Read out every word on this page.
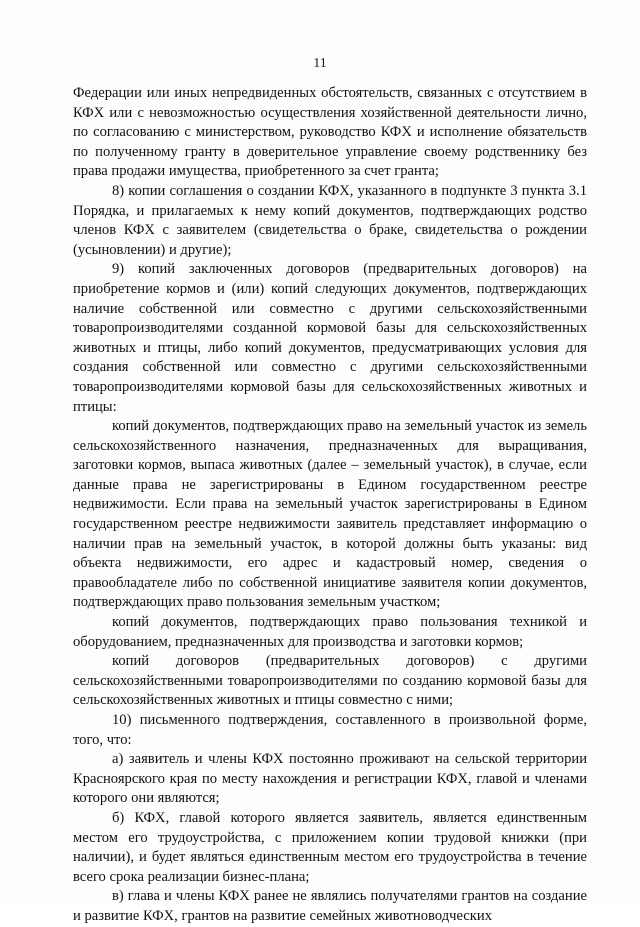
11

Федерации или иных непредвиденных обстоятельств, связанных с отсутствием в КФХ или с невозможностью осуществления хозяйственной деятельности лично, по согласованию с министерством, руководство КФХ и исполнение обязательств по полученному гранту в доверительное управление своему родственнику без права продажи имущества, приобретенного за счет гранта;

8) копии соглашения о создании КФХ, указанного в подпункте 3 пункта 3.1 Порядка, и прилагаемых к нему копий документов, подтверждающих родство членов КФХ с заявителем (свидетельства о браке, свидетельства о рождении (усыновлении) и другие);

9) копий заключенных договоров (предварительных договоров) на приобретение кормов и (или) копий следующих документов, подтверждающих наличие собственной или совместно с другими сельскохозяйственными товаропроизводителями созданной кормовой базы для сельскохозяйственных животных и птицы, либо копий документов, предусматривающих условия для создания собственной или совместно с другими сельскохозяйственными товаропроизводителями кормовой базы для сельскохозяйственных животных и птицы:

копий документов, подтверждающих право на земельный участок из земель сельскохозяйственного назначения, предназначенных для выращивания, заготовки кормов, выпаса животных (далее – земельный участок), в случае, если данные права не зарегистрированы в Едином государственном реестре недвижимости. Если права на земельный участок зарегистрированы в Едином государственном реестре недвижимости заявитель представляет информацию о наличии прав на земельный участок, в которой должны быть указаны: вид объекта недвижимости, его адрес и кадастровый номер, сведения о правообладателе либо по собственной инициативе заявителя копии документов, подтверждающих право пользования земельным участком;

копий документов, подтверждающих право пользования техникой и оборудованием, предназначенных для производства и заготовки кормов;

копий договоров (предварительных договоров) с другими сельскохозяйственными товаропроизводителями по созданию кормовой базы для сельскохозяйственных животных и птицы совместно с ними;

10) письменного подтверждения, составленного в произвольной форме, того, что:

а) заявитель и члены КФХ постоянно проживают на сельской территории Красноярского края по месту нахождения и регистрации КФХ, главой и членами которого они являются;

б) КФХ, главой которого является заявитель, является единственным местом его трудоустройства, с приложением копии трудовой книжки (при наличии), и будет являться единственным местом его трудоустройства в течение всего срока реализации бизнес-плана;

в) глава и члены КФХ ранее не являлись получателями грантов на создание и развитие КФХ, грантов на развитие семейных животноводческих
